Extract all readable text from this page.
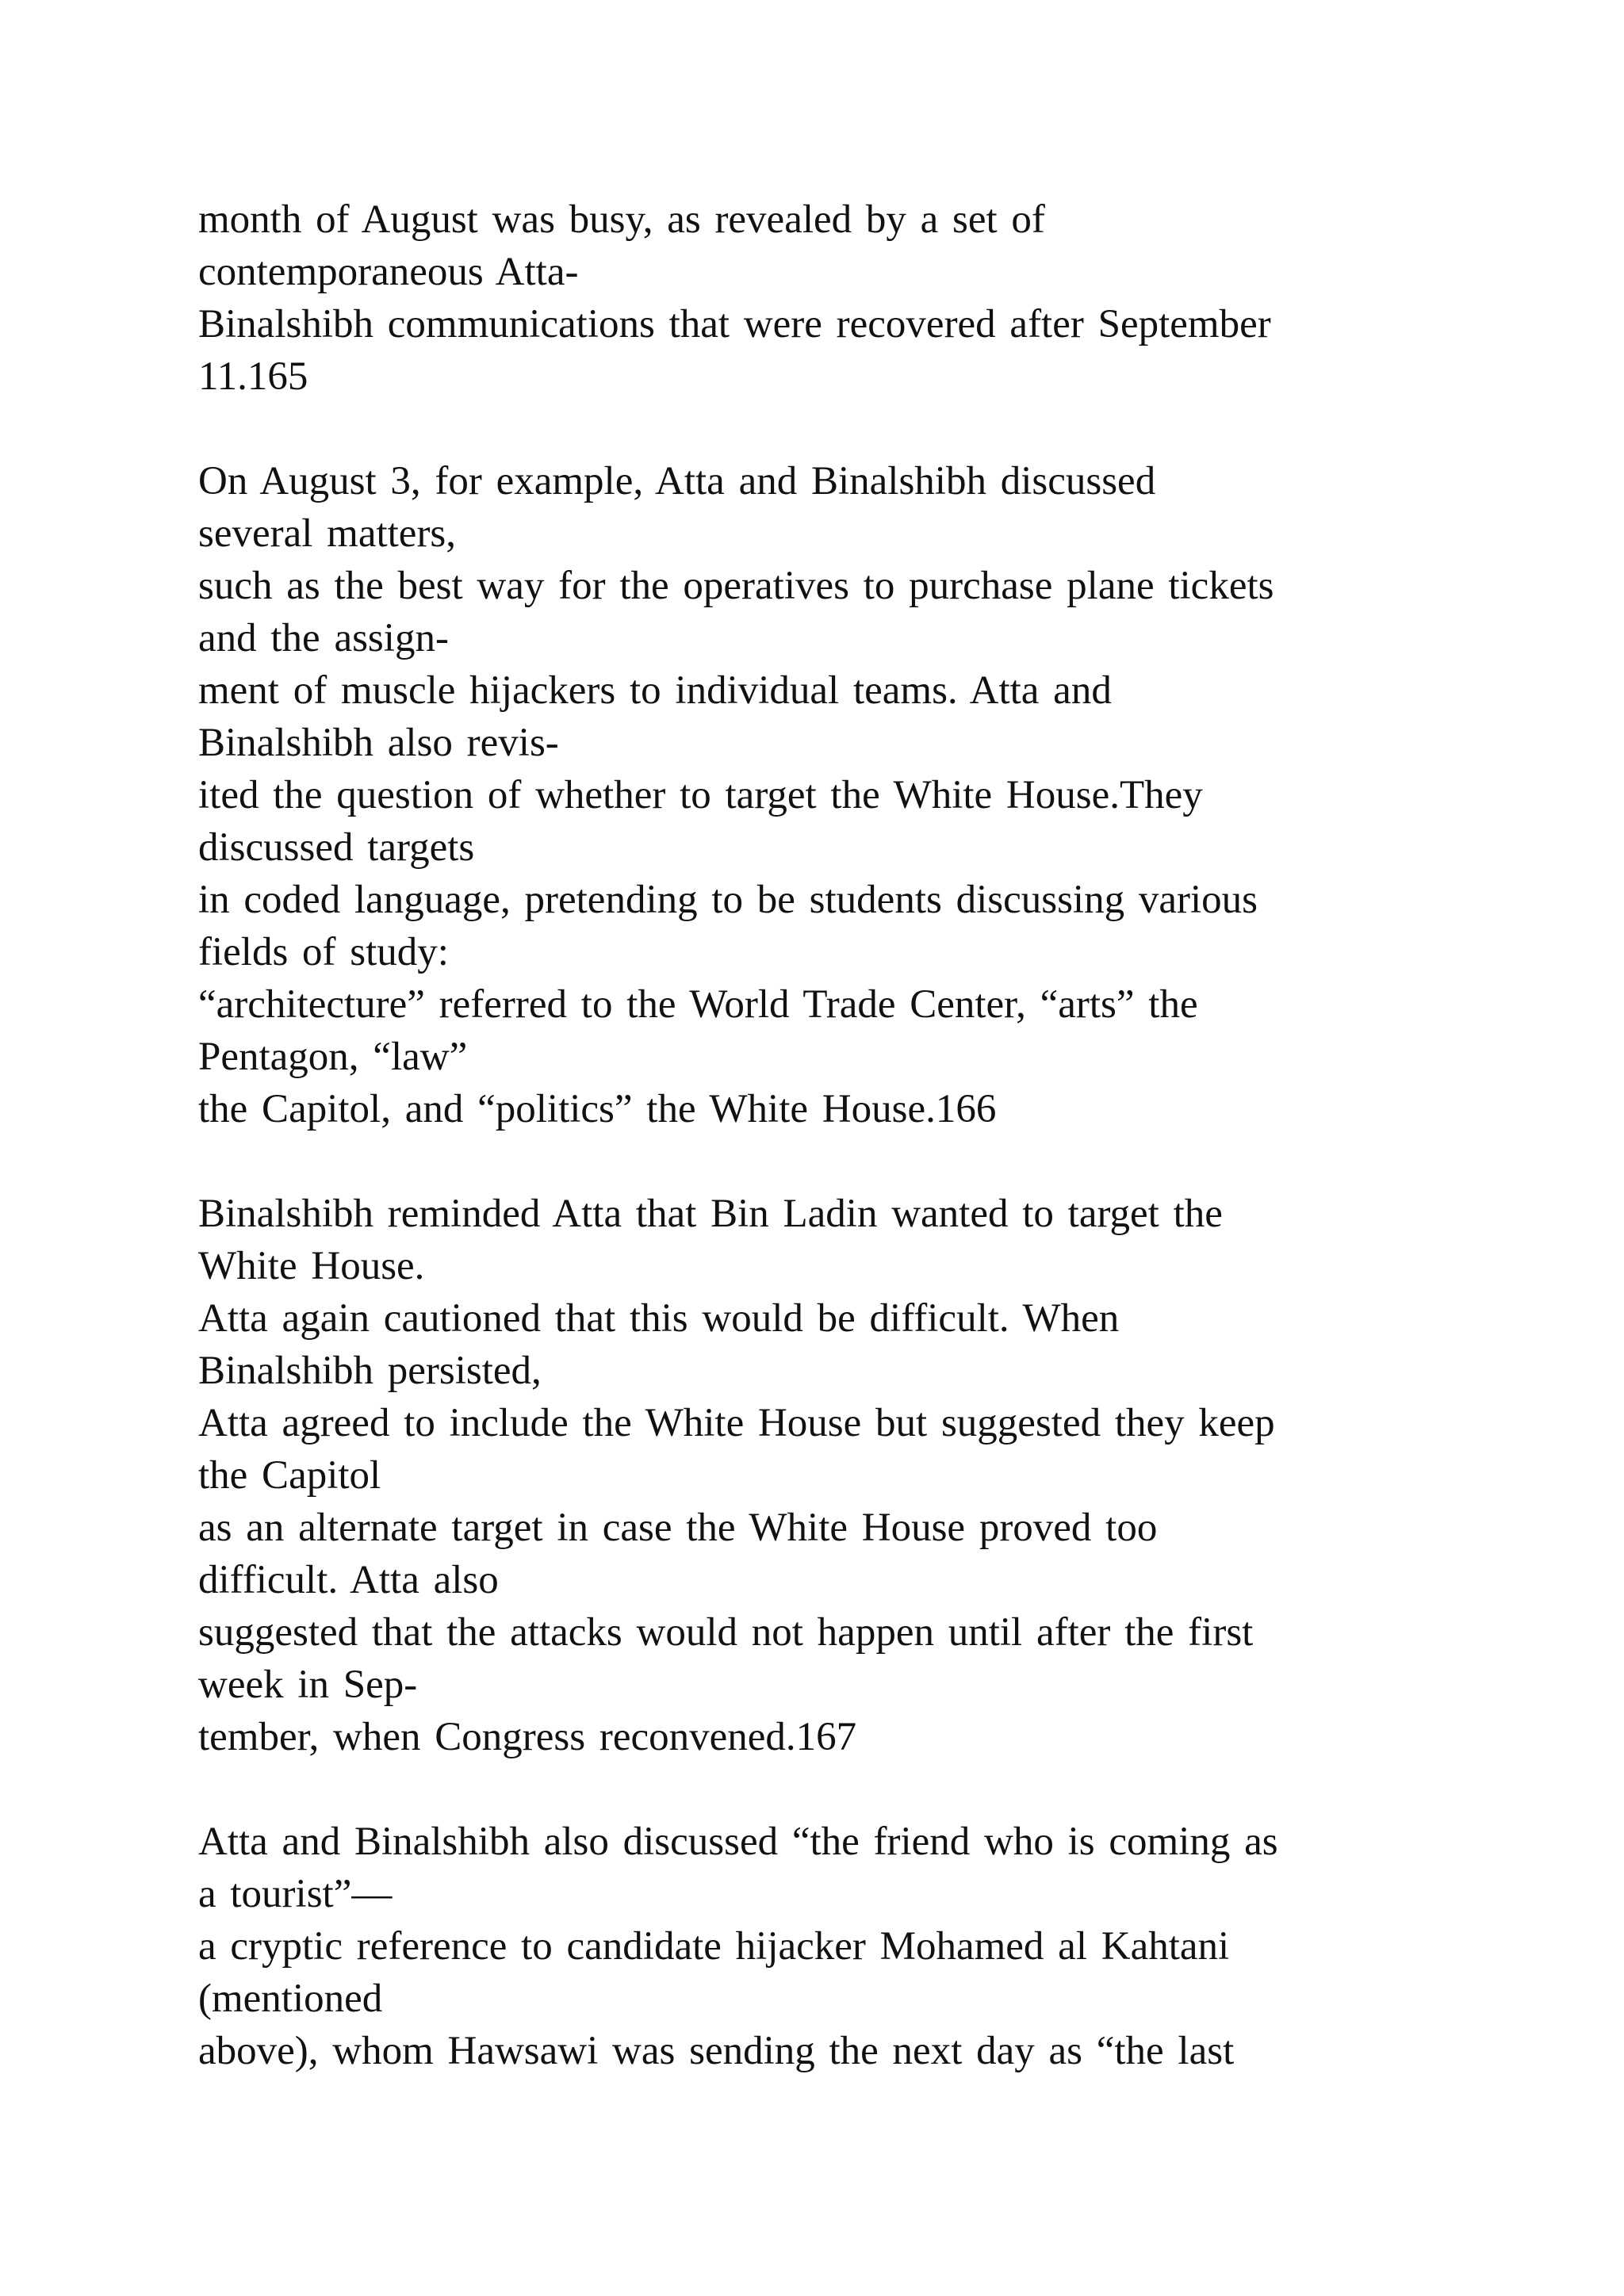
month of August was busy, as revealed by a set of
contemporaneous Atta-
Binalshibh communications that were recovered after September
11.165

On August 3, for example, Atta and Binalshibh discussed
several matters,
such as the best way for the operatives to purchase plane tickets
and the assign-
ment of muscle hijackers to individual teams. Atta and
Binalshibh also revis-
ited the question of whether to target the White House.They
discussed targets
in coded language, pretending to be students discussing various
fields of study:
“architecture” referred to the World Trade Center, “arts” the
Pentagon, “law”
the Capitol, and “politics” the White House.166

Binalshibh reminded Atta that Bin Ladin wanted to target the
White House.
Atta again cautioned that this would be difficult. When
Binalshibh persisted,
Atta agreed to include the White House but suggested they keep
the Capitol
as an alternate target in case the White House proved too
difficult. Atta also
suggested that the attacks would not happen until after the first
week in Sep-
tember, when Congress reconvened.167

Atta and Binalshibh also discussed “the friend who is coming as
a tourist”—
a cryptic reference to candidate hijacker Mohamed al Kahtani
(mentioned
above), whom Hawsawi was sending the next day as “the last
